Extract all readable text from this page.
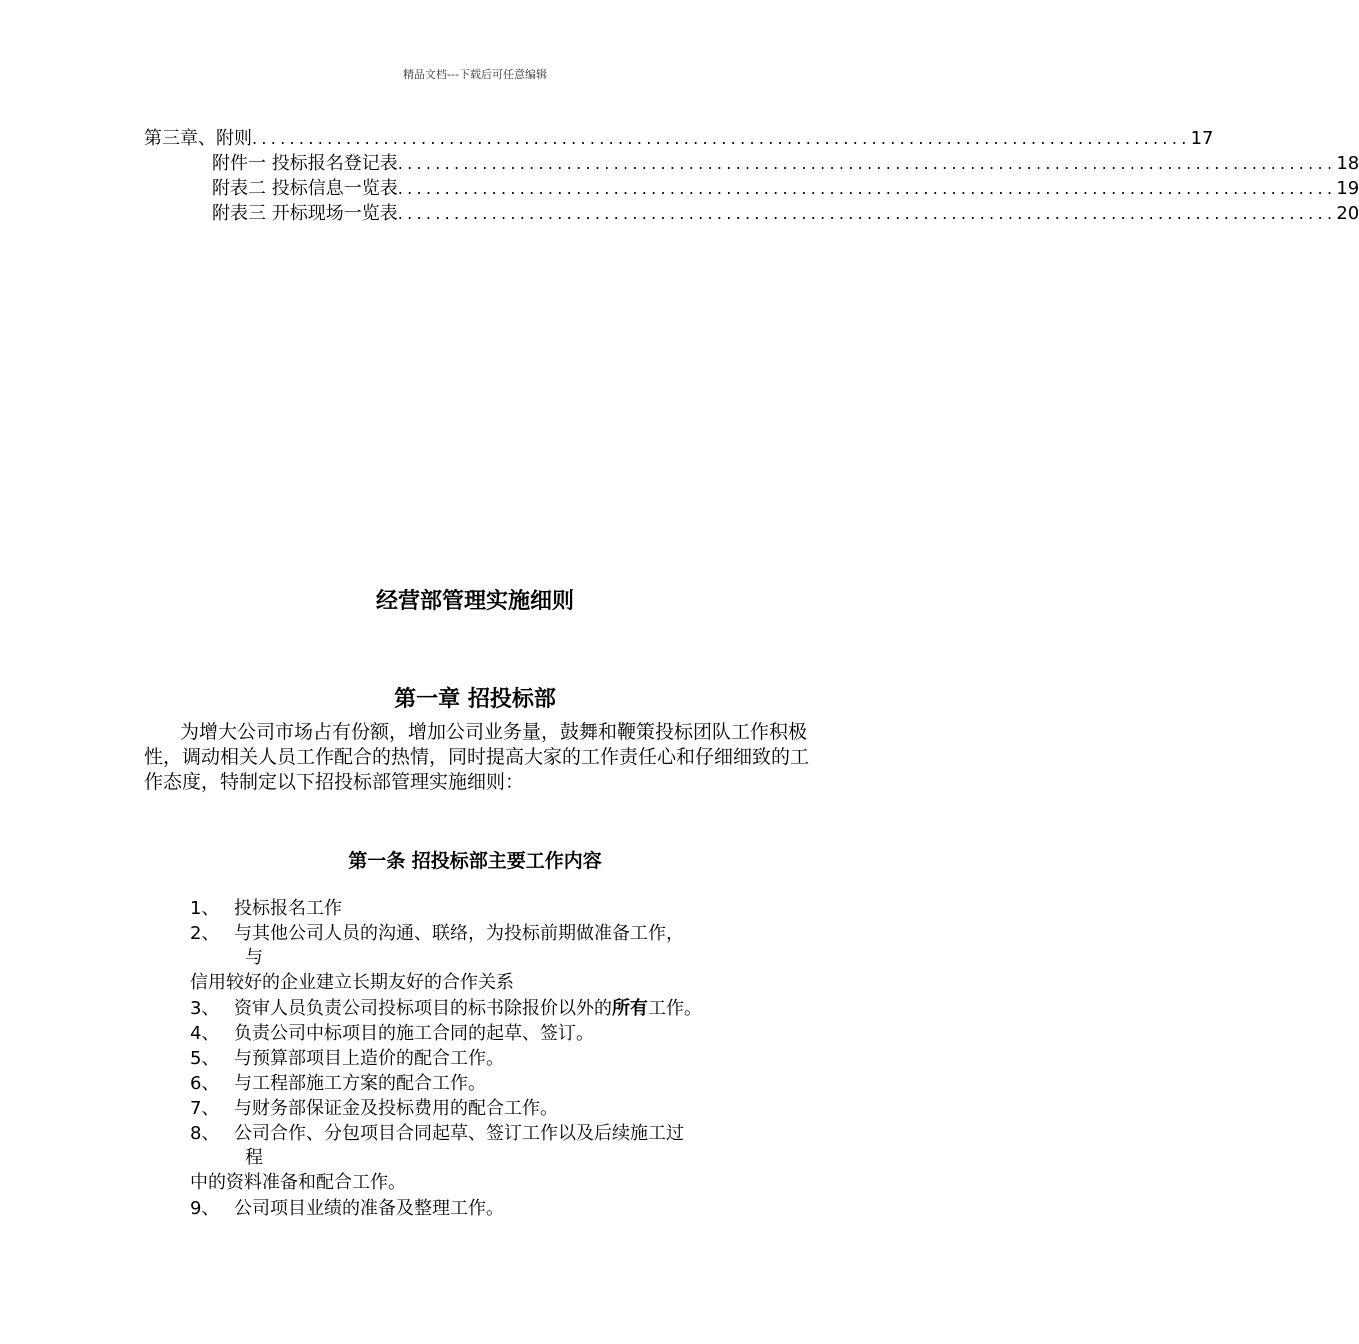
精品文档---下载后可任意编辑
第三章、附则 .................................................................................................... 17
附件一 投标报名登记表 .................................................................................................... 18
附表二 投标信息一览表 .................................................................................................... 19
附表三 开标现场一览表 .................................................................................................... 20
经营部管理实施细则
第一章 招投标部

为增大公司市场占有份额，增加公司业务量，鼓舞和鞭策投标团队工作积极性，调动相关人员工作配合的热情，同时提高大家的工作责任心和仔细细致的工作态度，特制定以下招投标部管理实施细则：

第一条 招投标部主要工作内容
1、 投标报名工作
2、 与其他公司人员的沟通、联络，为投标前期做准备工作，
与
信用较好的企业建立长期友好的合作关系
3、 资审人员负责公司投标项目的标书除报价以外的所有工作。
4、 负责公司中标项目的施工合同的起草、签订。
5、 与预算部项目上造价的配合工作。
6、 与工程部施工方案的配合工作。
7、 与财务部保证金及投标费用的配合工作。
8、 公司合作、分包项目合同起草、签订工作以及后续施工过
程
中的资料准备和配合工作。
9、 公司项目业绩的准备及整理工作。
